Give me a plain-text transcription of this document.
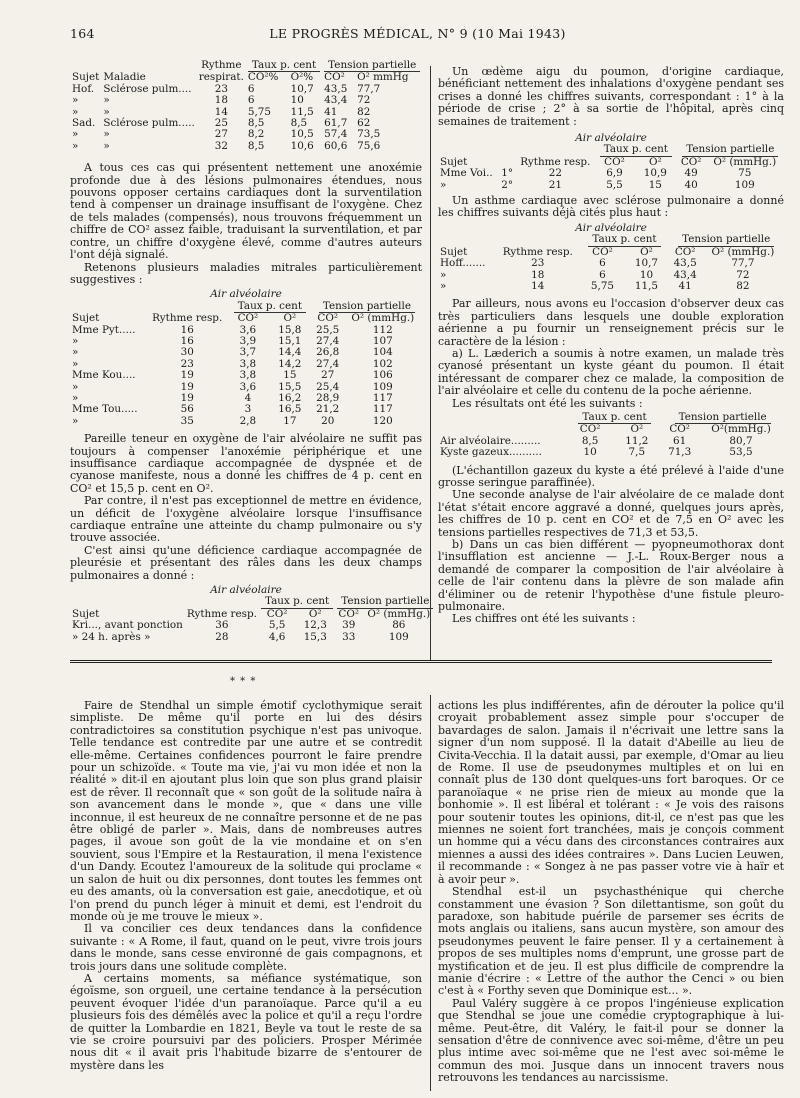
164	LE PROGRÈS MÉDICAL, N° 9 (10 Mai 1943)
		Rythme	Taux p. cent		Tension partielle	
Sujet	Maladie	respirat.	CO²%	O²%	CO²	O² mmHg
Hof.	Sclérose pulm....	23	6	10,7	43,5	77,7
»	»	18	6	10	43,4	72
»	»	14	5,75	11,5	41	82
Sad.	Sclérose pulm.....	25	8,5	8,5	61,7	62
»	»	27	8,2	10,5	57,4	73,5
»	»	32	8,5	10,6	60,6	75,6

A tous ces cas qui présentent nettement une anoxémie profonde due à des lésions pulmonaires étendues, nous pouvons opposer certains cardiaques dont la surventilation tend à compenser un drainage insuffisant de l'oxygène. Chez de tels malades (compensés), nous trouvons fréquemment un chiffre de CO² assez faible, traduisant la surventilation, et par contre, un chiffre d'oxygène élevé, comme d'autres auteurs l'ont déjà signalé.

Retenons plusieurs maladies mitrales particulièrement suggestives :

Air alvéolaire
		Taux p. cent		Tension partielle	
Sujet	Rythme resp.	CO²	O²	CO²	O² (mmHg.)
Mme Pyt.....	16	3,6	15,8	25,5	112
»	16	3,9	15,1	27,4	107
»	30	3,7	14,4	26,8	104
»	23	3,8	14,2	27,4	102

Mme Kou....	19	3,8	15	27	106
»	19	3,6	15,5	25,4	109
»	19	4	16,2	28,9	117

Mme Tou.....	56	3	16,5	21,2	117
»	35	2,8	17	20	120

Pareille teneur en oxygène de l'air alvéolaire ne suffit pas toujours à compenser l'anoxémie périphérique et une insuffisance cardiaque accompagnée de dyspnée et de cyanose manifeste, nous a donné les chiffres de 4 p. cent en CO² et 15,5 p. cent en O².

Par contre, il n'est pas exceptionnel de mettre en évidence, un déficit de l'oxygène alvéolaire lorsque l'insuffisance cardiaque entraîne une atteinte du champ pulmonaire ou s'y trouve associée.

C'est ainsi qu'une déficience cardiaque accompagnée de pleurésie et présentant des râles dans les deux champs pulmonaires a donné :

Air alvéolaire
		Taux p. cent		Tension partielle	
Sujet	Rythme resp.	CO²	O²	CO²	O² (mmHg.)
Kri..., avant ponction	36	5,5	12,3	39	86
» 24 h. après »	28	4,6	15,3	33	109

Un œdème aigu du poumon, d'origine cardiaque, bénéficiant nettement des inhalations d'oxygène pendant ses crises a donné les chiffres suivants, correspondant : 1° à la période de crise ; 2° à sa sortie de l'hôpital, après cinq semaines de traitement :

Air alvéolaire
			Taux p. cent		Tension partielle	
Sujet		Rythme resp.	CO²	O²	CO²	O² (mmHg.)
Mme Voi..	1°	22	6,9	10,9	49	75
»	2°	21	5,5	15	40	109

Un asthme cardiaque avec sclérose pulmonaire a donné les chiffres suivants déjà cités plus haut :

Air alvéolaire
		Taux p. cent		Tension partielle	
Sujet	Rythme resp.	CO²	O²	CO²	O² (mmHg.)
Hoff.......	23	6	10,7	43,5	77,7
»	18	6	10	43,4	72
»	14	5,75	11,5	41	82

Par ailleurs, nous avons eu l'occasion d'observer deux cas très particuliers dans lesquels une double exploration aérienne a pu fournir un renseignement précis sur le caractère de la lésion :

a) L. Læderich a soumis à notre examen, un malade très cyanosé présentant un kyste géant du poumon. Il était intéressant de comparer chez ce malade, la composition de l'air alvéolaire et celle du contenu de la poche aérienne.

Les résultats ont été les suivants :

	Taux p. cent		Tension partielle	
	CO²	O²	CO²	O²(mmHg.)
Air alvéolaire.........	8,5	11,2	61	80,7
Kyste gazeux..........	10	7,5	71,3	53,5

(L'échantillon gazeux du kyste a été prélevé à l'aide d'une grosse seringue paraffinée).

Une seconde analyse de l'air alvéolaire de ce malade dont l'état s'était encore aggravé a donné, quelques jours après, les chiffres de 10 p. cent en CO² et de 7,5 en O² avec les tensions partielles respectives de 71,3 et 53,5.

b) Dans un cas bien différent — pyopneumothorax dont l'insufflation est ancienne — J.-L. Roux-Berger nous a demandé de comparer la composition de l'air alvéolaire à celle de l'air contenu dans la plèvre de son malade afin d'éliminer ou de retenir l'hypothèse d'une fistule pleuro-pulmonaire.

Les chiffres ont été les suivants :

* * *

Faire de Stendhal un simple émotif cyclothymique serait simpliste. De même qu'il porte en lui des désirs contradictoires sa constitution psychique n'est pas univoque. Telle tendance est contredite par une autre et se contredit elle-même. Certaines confidences pourront le faire prendre pour un schizoïde. « Toute ma vie, j'ai vu mon idée et non la réalité » dit-il en ajoutant plus loin que son plus grand plaisir est de rêver. Il reconnaît que « son goût de la solitude naîra à son avancement dans le monde », que « dans une ville inconnue, il est heureux de ne connaître personne et de ne pas être obligé de parler ». Mais, dans de nombreuses autres pages, il avoue son goût de la vie mondaine et on s'en souvient, sous l'Empire et la Restauration, il mena l'existence d'un Dandy. Ecoutez l'amoureux de la solitude qui proclame « un salon de huit ou dix personnes, dont toutes les femmes ont eu des amants, où la conversation est gaie, anecdotique, et où l'on prend du punch léger à minuit et demi, est l'endroit du monde où je me trouve le mieux ».

Il va concilier ces deux tendances dans la confidence suivante : « A Rome, il faut, quand on le peut, vivre trois jours dans le monde, sans cesse environné de gais compagnons, et trois jours dans une solitude complète.

A certains moments, sa méfiance systématique, son égoïsme, son orgueil, une certaine tendance à la persécution peuvent évoquer l'idée d'un paranoïaque. Parce qu'il a eu plusieurs fois des démêlés avec la police et qu'il a reçu l'ordre de quitter la Lombardie en 1821, Beyle va tout le reste de sa vie se croire poursuivi par des policiers. Prosper Mérimée nous dit « il avait pris l'habitude bizarre de s'entourer de mystère dans les

actions les plus indifférentes, afin de dérouter la police qu'il croyait probablement assez simple pour s'occuper de bavardages de salon. Jamais il n'écrivait une lettre sans la signer d'un nom supposé. Il la datait d'Abeille au lieu de Civita-Vecchia. Il la datait aussi, par exemple, d'Omar au lieu de Rome. Il use de pseudonymes multiples et on lui en connaît plus de 130 dont quelques-uns fort baroques. Or ce paranoïaque « ne prise rien de mieux au monde que la bonhomie ». Il est libéral et tolérant : « Je vois des raisons pour soutenir toutes les opinions, dit-il, ce n'est pas que les miennes ne soient fort tranchées, mais je conçois comment un homme qui a vécu dans des circonstances contraires aux miennes a aussi des idées contraires ». Dans Lucien Leuwen, il recommande : « Songez à ne pas passer votre vie à haïr et à avoir peur ».

Stendhal est-il un psychasthénique qui cherche constamment une évasion ? Son dilettantisme, son goût du paradoxe, son habitude puérile de parsemer ses écrits de mots anglais ou italiens, sans aucun mystère, son amour des pseudonymes peuvent le faire penser. Il y a certainement à propos de ses multiples noms d'emprunt, une grosse part de mystification et de jeu. Il est plus difficile de comprendre la manie d'écrire : « Lettre of the author the Cenci » ou bien c'est à « Forthy seven que Dominique est... ».

Paul Valéry suggère à ce propos l'ingénieuse explication que Stendhal se joue une comédie cryptographique à lui-même. Peut-être, dit Valéry, le fait-il pour se donner la sensation d'être de connivence avec soi-même, d'être un peu plus intime avec soi-même que ne l'est avec soi-même le commun des moi. Jusque dans un innocent travers nous retrouvons les tendances au narcissisme.
